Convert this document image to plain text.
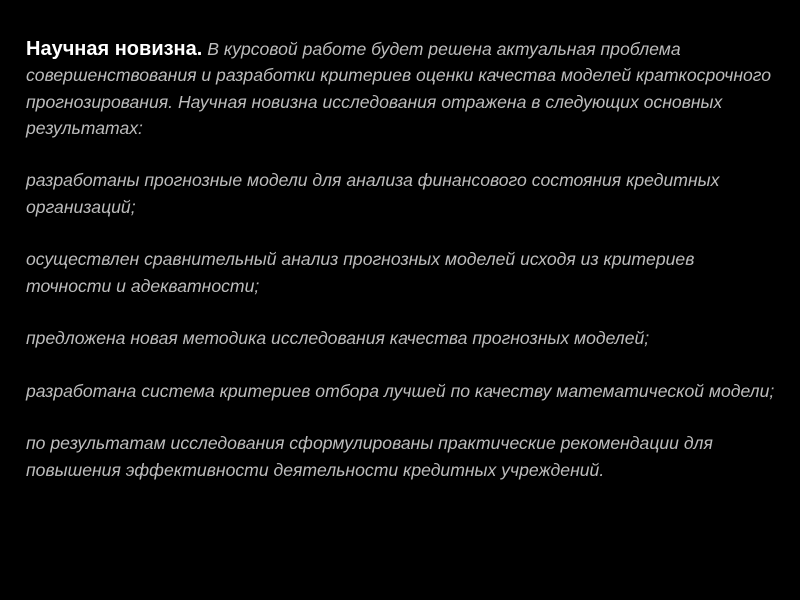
Научная новизна. В курсовой работе будет решена актуальная проблема совершенствования и разработки критериев оценки качества моделей краткосрочного прогнозирования. Научная новизна исследования отражена в следующих основных результатах:

разработаны прогнозные модели для анализа финансового состояния кредитных организаций;

осуществлен сравнительный анализ прогнозных моделей исходя из критериев точности и адекватности;

предложена новая методика исследования качества прогнозных моделей;

разработана система критериев отбора лучшей по качеству математической модели;

по результатам исследования сформулированы практические рекомендации для повышения эффективности деятельности кредитных учреждений.
